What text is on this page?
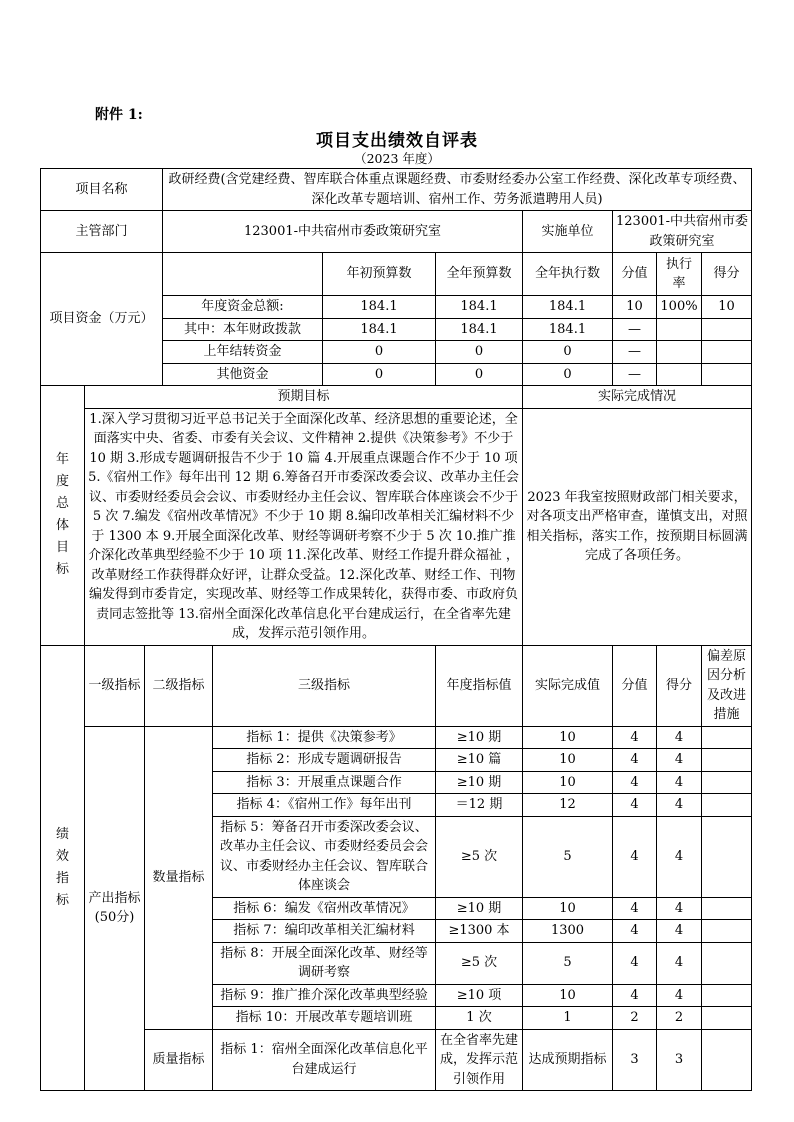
附件 1:
项目支出绩效自评表
（2023 年度）
项目名称			政研经费(含党建经费、智库联合体重点课题经费、市委财经委办公室工作经费、深化改革专项经费、深化改革专题培训、宿州工作、劳务派遣聘用人员)							
主管部门			123001-中共宿州市委政策研究室				实施单位	123001-中共宿州市委政策研究室		
项目资金（万元）					年初预算数	全年预算数	全年执行数	分值	执行率	得分
			年度资金总额:		184.1	184.1	184.1	10	100%	10
			其中：本年财政拨款		184.1	184.1	184.1	—		
			上年结转资金		0	0	0	—		
			其他资金		0	0	0	—		
年度总体目标	预期目标						实际完成情况			
	1.深入学习贯彻习近平总书记关于全面深化改革、经济思想的重要论述，全面落实中央、省委、市委有关会议、文件精神 2.提供《决策参考》不少于 10 期 3.形成专题调研报告不少于 10 篇 4.开展重点课题合作不少于 10 项 5.《宿州工作》每年出刊 12 期 6.筹备召开市委深改委会议、改革办主任会议、市委财经委员会会议、市委财经办主任会议、智库联合体座谈会不少于 5 次 7.编发《宿州改革情况》不少于 10 期 8.编印改革相关汇编材料不少于 1300 本 9.开展全面深化改革、财经等调研考察不少于 5 次 10.推广推介深化改革典型经验不少于 10 项 11.深化改革、财经工作提升群众福祉 ，改革财经工作获得群众好评，让群众受益。12.深化改革、财经工作、刊物编发得到市委肯定，实现改革、财经等工作成果转化，获得市委、市政府负责同志签批等 13.宿州全面深化改革信息化平台建成运行，在全省率先建成，发挥示范引领作用。						2023 年我室按照财政部门相关要求，对各项支出严格审查，谨慎支出，对照相关指标，落实工作，按预期目标圆满完成了各项任务。			
绩效指标	一级指标	二级指标		三级指标		年度指标值	实际完成值	分值	得分	偏差原因分析及改进措施
	产出指标(50分)	数量指标		指标 1：提供《决策参考》		≥10 期	10	4	4	
				指标 2：形成专题调研报告		≥10 篇	10	4	4	
				指标 3：开展重点课题合作		≥10 期	10	4	4	
				指标 4：《宿州工作》每年出刊		＝12 期	12	4	4	
				指标 5：筹备召开市委深改委会议、改革办主任会议、市委财经委员会会议、市委财经办主任会议、智库联合体座谈会		≥5 次	5	4	4	
				指标 6：编发《宿州改革情况》		≥10 期	10	4	4	
				指标 7：编印改革相关汇编材料		≥1300 本	1300	4	4	
				指标 8：开展全面深化改革、财经等调研考察		≥5 次	5	4	4	
				指标 9：推广推介深化改革典型经验		≥10 项	10	4	4	
				指标 10：开展改革专题培训班		1 次	1	2	2	
		质量指标		指标 1：宿州全面深化改革信息化平台建成运行		在全省率先建成，发挥示范引领作用	达成预期指标	3	3	
